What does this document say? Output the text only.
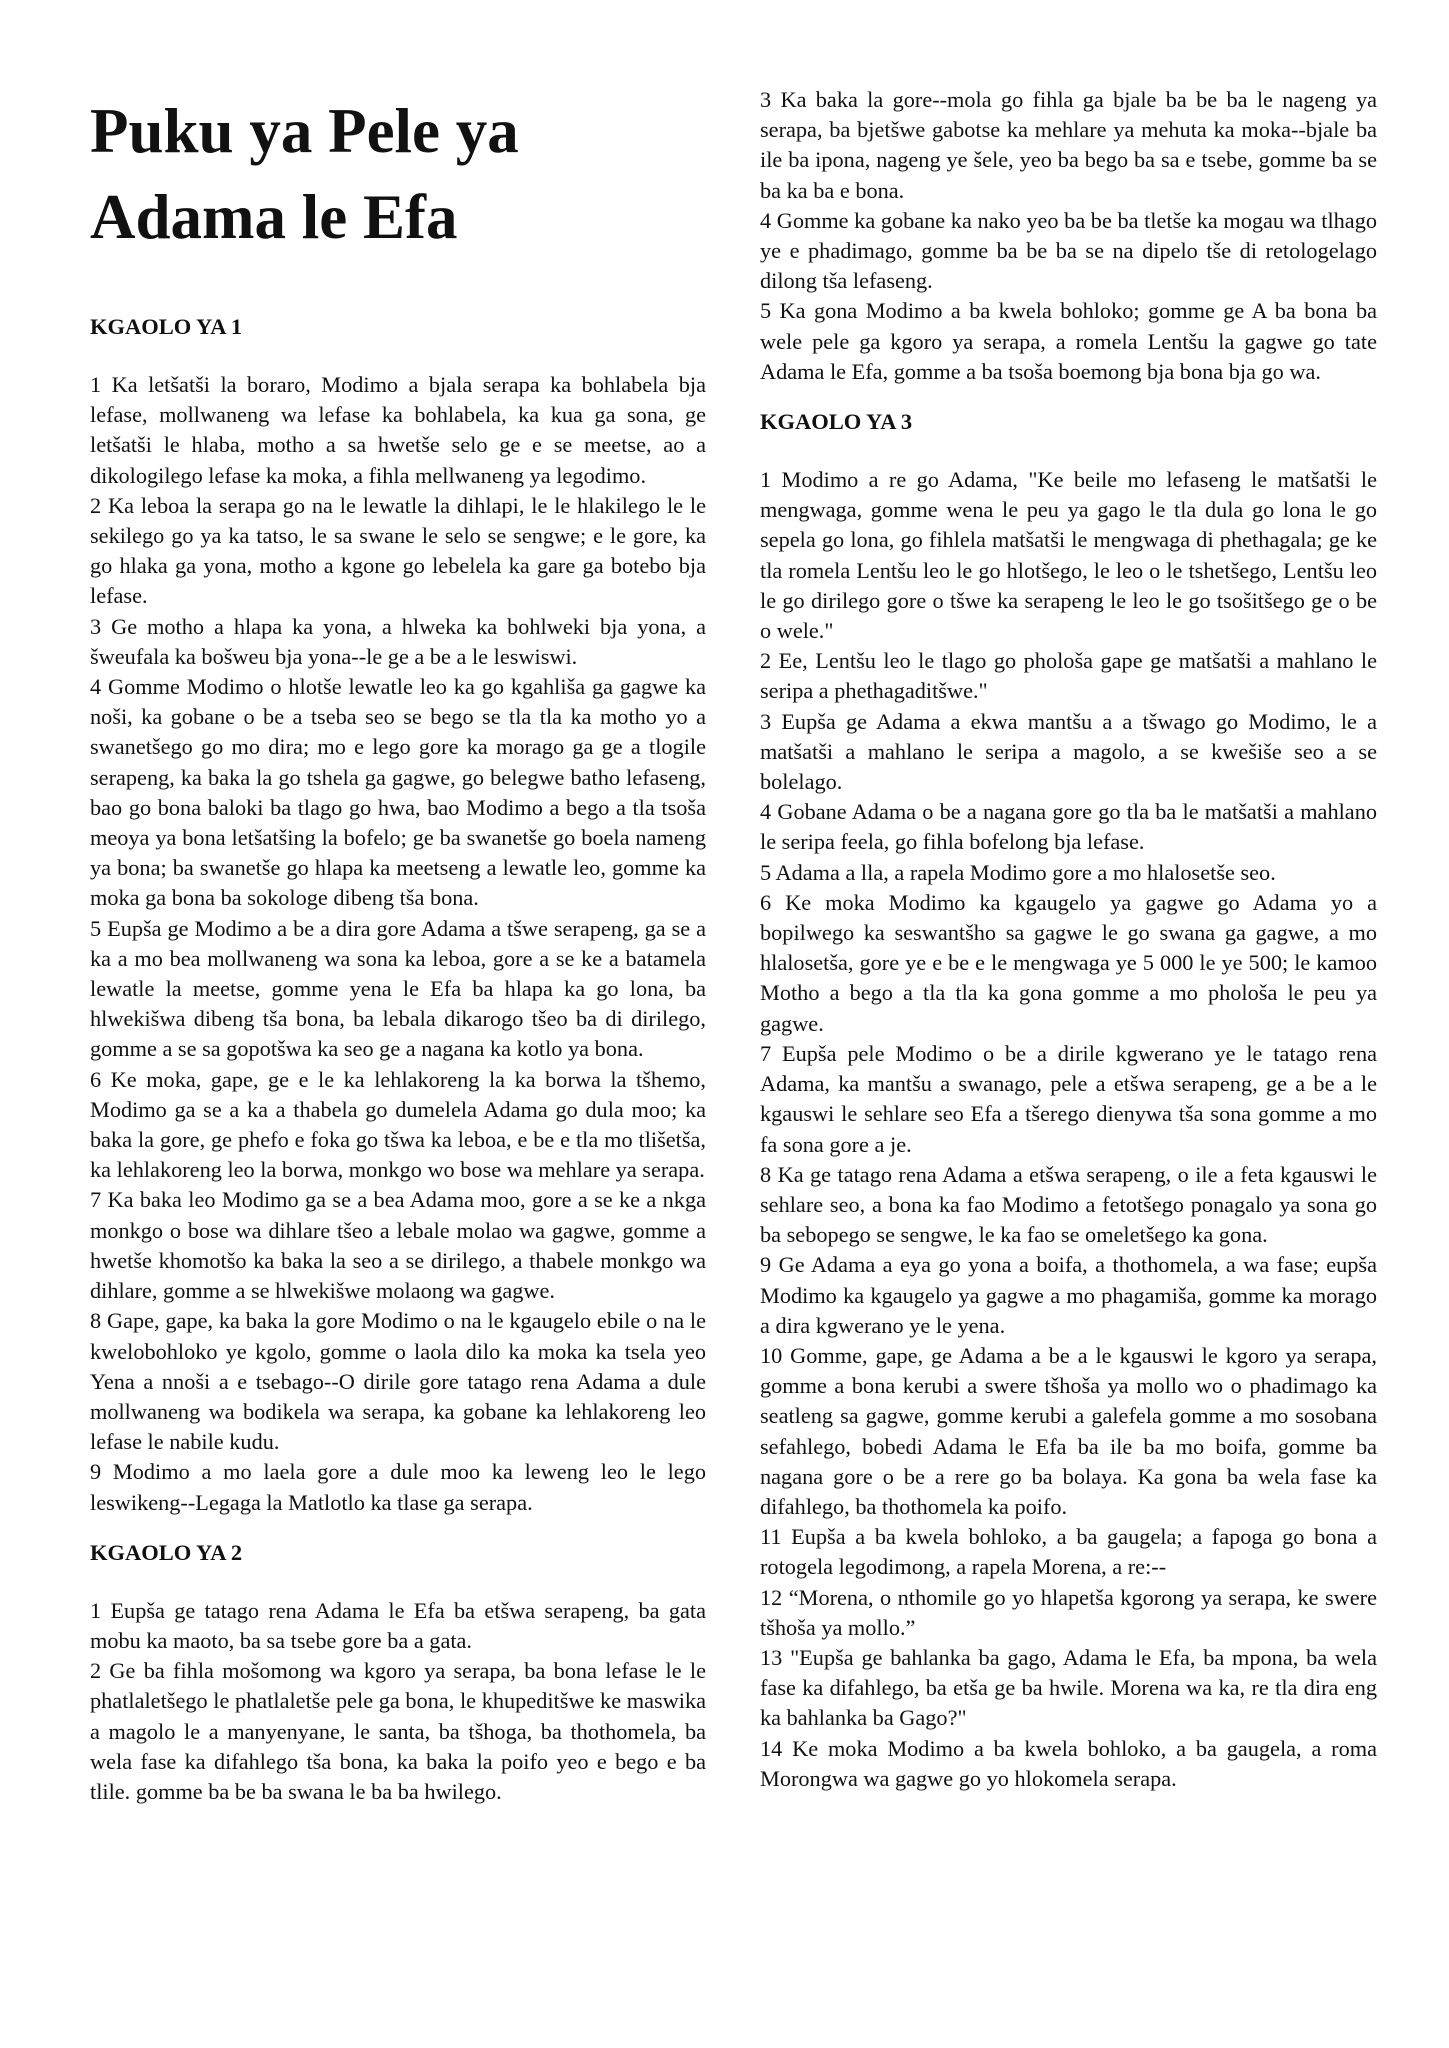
Puku ya Pele ya Adama le Efa
KGAOLO YA 1

1 Ka letšatši la boraro, Modimo a bjala serapa ka bohlabela bja lefase, mollwaneng wa lefase ka bohlabela, ka kua ga sona, ge letšatši le hlaba, motho a sa hwetše selo ge e se meetse, ao a dikologilego lefase ka moka, a fihla mellwaneng ya legodimo.

2 Ka leboa la serapa go na le lewatle la dihlapi, le le hlakilego le le sekilego go ya ka tatso, le sa swane le selo se sengwe; e le gore, ka go hlaka ga yona, motho a kgone go lebelela ka gare ga botebo bja lefase.

3 Ge motho a hlapa ka yona, a hlweka ka bohlweki bja yona, a šweufala ka bošweu bja yona--le ge a be a le leswiswi.

4 Gomme Modimo o hlotše lewatle leo ka go kgahliša ga gagwe ka noši, ka gobane o be a tseba seo se bego se tla tla ka motho yo a swanetšego go mo dira; mo e lego gore ka morago ga ge a tlogile serapeng, ka baka la go tshela ga gagwe, go belegwe batho lefaseng, bao go bona baloki ba tlago go hwa, bao Modimo a bego a tla tsoša meoya ya bona letšatšing la bofelo; ge ba swanetše go boela nameng ya bona; ba swanetše go hlapa ka meetseng a lewatle leo, gomme ka moka ga bona ba sokologe dibeng tša bona.

5 Eupša ge Modimo a be a dira gore Adama a tšwe serapeng, ga se a ka a mo bea mollwaneng wa sona ka leboa, gore a se ke a batamela lewatle la meetse, gomme yena le Efa ba hlapa ka go lona, ba hlwekišwa dibeng tša bona, ba lebala dikarogo tšeo ba di dirilego, gomme a se sa gopotšwa ka seo ge a nagana ka kotlo ya bona.

6 Ke moka, gape, ge e le ka lehlakoreng la ka borwa la tšhemo, Modimo ga se a ka a thabela go dumelela Adama go dula moo; ka baka la gore, ge phefo e foka go tšwa ka leboa, e be e tla mo tlišetša, ka lehlakoreng leo la borwa, monkgo wo bose wa mehlare ya serapa.

7 Ka baka leo Modimo ga se a bea Adama moo, gore a se ke a nkga monkgo o bose wa dihlare tšeo a lebale molao wa gagwe, gomme a hwetše khomotšo ka baka la seo a se dirilego, a thabele monkgo wa dihlare, gomme a se hlwekišwe molaong wa gagwe.

8 Gape, gape, ka baka la gore Modimo o na le kgaugelo ebile o na le kwelobohloko ye kgolo, gomme o laola dilo ka moka ka tsela yeo Yena a nnoši a e tsebago--O dirile gore tatago rena Adama a dule mollwaneng wa bodikela wa serapa, ka gobane ka lehlakoreng leo lefase le nabile kudu.

9 Modimo a mo laela gore a dule moo ka leweng leo le lego leswikeng--Legaga la Matlotlo ka tlase ga serapa.

KGAOLO YA 2

1 Eupša ge tatago rena Adama le Efa ba etšwa serapeng, ba gata mobu ka maoto, ba sa tsebe gore ba a gata.

2 Ge ba fihla mošomong wa kgoro ya serapa, ba bona lefase le le phatlaletšego le phatlaletše pele ga bona, le khupeditšwe ke maswika a magolo le a manyenyane, le santa, ba tšhoga, ba thothomela, ba wela fase ka difahlego tša bona, ka baka la poifo yeo e bego e ba tlile. gomme ba be ba swana le ba ba hwilego.

3 Ka baka la gore--mola go fihla ga bjale ba be ba le nageng ya serapa, ba bjetšwe gabotse ka mehlare ya mehuta ka moka--bjale ba ile ba ipona, nageng ye šele, yeo ba bego ba sa e tsebe, gomme ba se ba ka ba e bona.

4 Gomme ka gobane ka nako yeo ba be ba tletše ka mogau wa tlhago ye e phadimago, gomme ba be ba se na dipelo tše di retologelago dilong tša lefaseng.

5 Ka gona Modimo a ba kwela bohloko; gomme ge A ba bona ba wele pele ga kgoro ya serapa, a romela Lentšu la gagwe go tate Adama le Efa, gomme a ba tsoša boemong bja bona bja go wa.

KGAOLO YA 3

1 Modimo a re go Adama, "Ke beile mo lefaseng le matšatši le mengwaga, gomme wena le peu ya gago le tla dula go lona le go sepela go lona, go fihlela matšatši le mengwaga di phethagala; ge ke tla romela Lentšu leo le go hlotšego, le leo o le tshetšego, Lentšu leo le go dirilego gore o tšwe ka serapeng le leo le go tsošitšego ge o be o wele."

2 Ee, Lentšu leo le tlago go phološa gape ge matšatši a mahlano le seripa a phethagaditšwe."

3 Eupša ge Adama a ekwa mantšu a a tšwago go Modimo, le a matšatši a mahlano le seripa a magolo, a se kwešiše seo a se bolelago.

4 Gobane Adama o be a nagana gore go tla ba le matšatši a mahlano le seripa feela, go fihla bofelong bja lefase.

5 Adama a lla, a rapela Modimo gore a mo hlalosetše seo.

6 Ke moka Modimo ka kgaugelo ya gagwe go Adama yo a bopilwego ka seswantšho sa gagwe le go swana ga gagwe, a mo hlalosetša, gore ye e be e le mengwaga ye 5 000 le ye 500; le kamoo Motho a bego a tla tla ka gona gomme a mo phološa le peu ya gagwe.

7 Eupša pele Modimo o be a dirile kgwerano ye le tatago rena Adama, ka mantšu a swanago, pele a etšwa serapeng, ge a be a le kgauswi le sehlare seo Efa a tšerego dienywa tša sona gomme a mo fa sona gore a je.

8 Ka ge tatago rena Adama a etšwa serapeng, o ile a feta kgauswi le sehlare seo, a bona ka fao Modimo a fetotšego ponagalo ya sona go ba sebopego se sengwe, le ka fao se omeletšego ka gona.

9 Ge Adama a eya go yona a boifa, a thothomela, a wa fase; eupša Modimo ka kgaugelo ya gagwe a mo phagamiša, gomme ka morago a dira kgwerano ye le yena.

10 Gomme, gape, ge Adama a be a le kgauswi le kgoro ya serapa, gomme a bona kerubi a swere tšhoša ya mollo wo o phadimago ka seatleng sa gagwe, gomme kerubi a galefela gomme a mo sosobana sefahlego, bobedi Adama le Efa ba ile ba mo boifa, gomme ba nagana gore o be a rere go ba bolaya. Ka gona ba wela fase ka difahlego, ba thothomela ka poifo.

11 Eupša a ba kwela bohloko, a ba gaugela; a fapoga go bona a rotogela legodimong, a rapela Morena, a re:--

12 “Morena, o nthomile go yo hlapetša kgorong ya serapa, ke swere tšhoša ya mollo.”

13 "Eupša ge bahlanka ba gago, Adama le Efa, ba mpona, ba wela fase ka difahlego, ba etša ge ba hwile. Morena wa ka, re tla dira eng ka bahlanka ba Gago?"

14 Ke moka Modimo a ba kwela bohloko, a ba gaugela, a roma Morongwa wa gagwe go yo hlokomela serapa.
